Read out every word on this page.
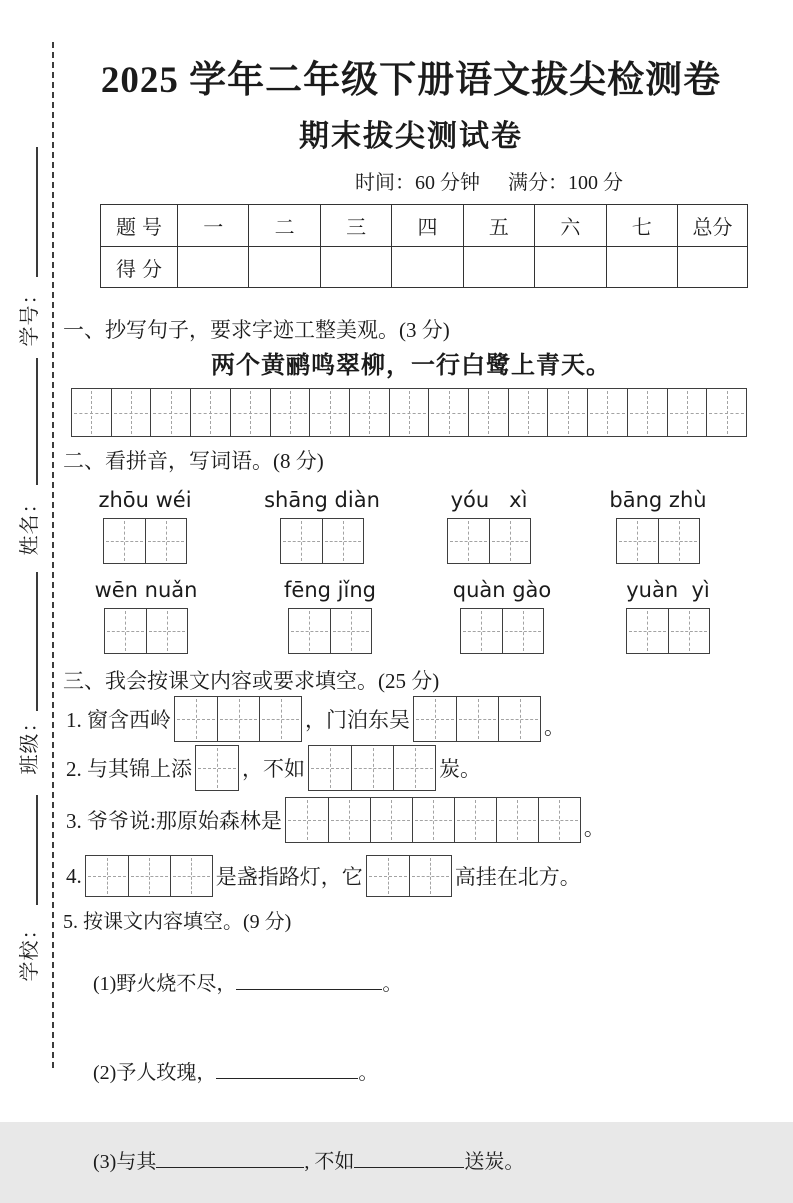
学号：
姓名：
班级：
学校：
2025 学年二年级下册语文拔尖检测卷
期末拔尖测试卷
时间：60 分钟 满分：100 分
题号	一	二	三	四	五	六	七	总分
得分
一、抄写句子，要求字迹工整美观。(3 分)
两个黄鹂鸣翠柳，一行白鹭上青天。
二、看拼音，写词语。(8 分)
zhōu wéi	shāng diàn	yóu   xì	bāng zhù
wēn nuǎn	fēng jǐng	quàn gào	yuàn  yì
三、我会按课文内容或要求填空。(25 分)
1. 窗含西岭	，门泊东吴	。
2. 与其锦上添 ，不如	炭。
3. 爷爷说:那原始森林是	。
4.	是盏指路灯，它	高挂在北方。
5. 按课文内容填空。(9 分)

(1)野火烧不尽，	。

(2)予人玫瑰，	。

(3)与其	, 不如	送炭。
